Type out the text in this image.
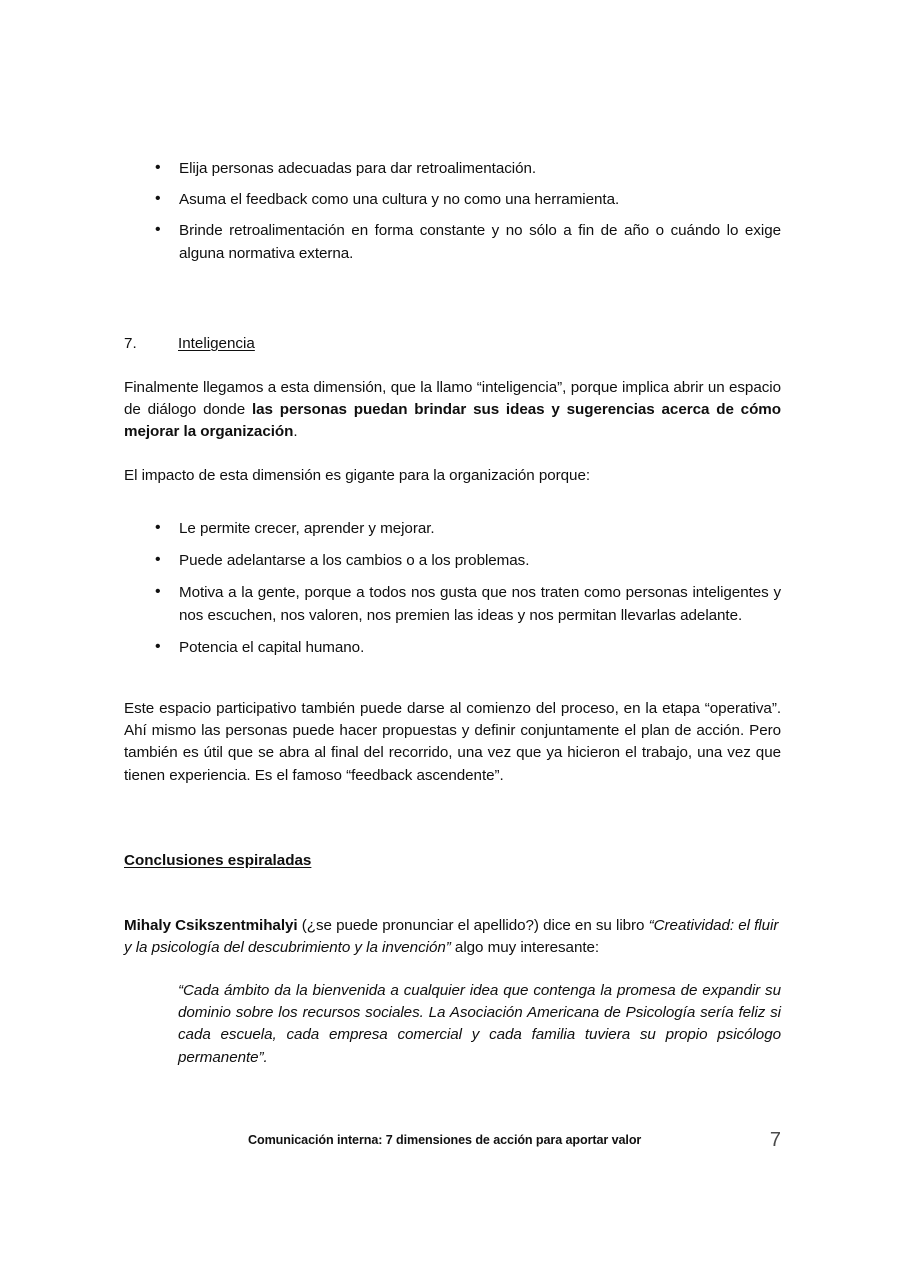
• Elija personas adecuadas para dar retroalimentación.
• Asuma el feedback como una cultura y no como una herramienta.
• Brinde retroalimentación en forma constante y no sólo a fin de año o cuándo lo exige alguna normativa externa.
7.	Inteligencia

Finalmente llegamos a esta dimensión, que la llamo “inteligencia”, porque implica abrir un espacio de diálogo donde las personas puedan brindar sus ideas y sugerencias acerca de cómo mejorar la organización.

El impacto de esta dimensión es gigante para la organización porque:

• Le permite crecer, aprender y mejorar.
• Puede adelantarse a los cambios o a los problemas.
• Motiva a la gente, porque a todos nos gusta que nos traten como personas inteligentes y nos escuchen, nos valoren, nos premien las ideas y nos permitan llevarlas adelante.
• Potencia el capital humano.

Este espacio participativo también puede darse al comienzo del proceso, en la etapa “operativa”. Ahí mismo las personas puede hacer propuestas y definir conjuntamente el plan de acción. Pero también es útil que se abra al final del recorrido, una vez que ya hicieron el trabajo, una vez que tienen experiencia. Es el famoso “feedback ascendente”.

Conclusiones espiraladas

Mihaly Csikszentmihalyi (¿se puede pronunciar el apellido?) dice en su libro “Creatividad: el fluir y la psicología del descubrimiento y la invención” algo muy interesante:

“Cada ámbito da la bienvenida a cualquier idea que contenga la promesa de expandir su dominio sobre los recursos sociales. La Asociación Americana de Psicología sería feliz si cada escuela, cada empresa comercial y cada familia tuviera su propio psicólogo permanente”.
Comunicación interna: 7 dimensiones de acción para aportar valor	7
